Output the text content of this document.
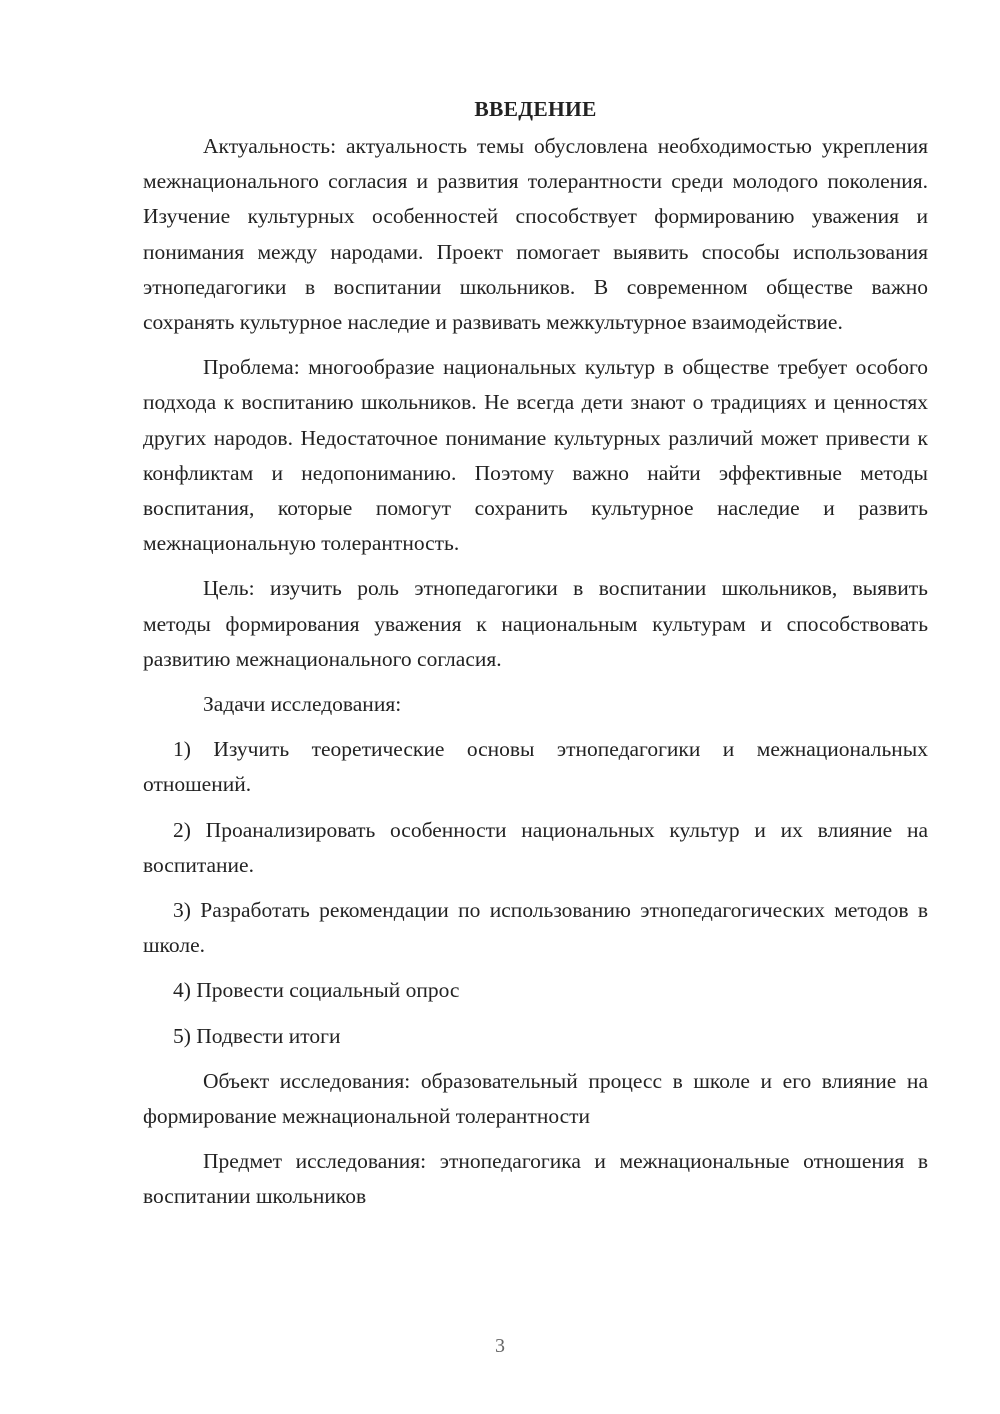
ВВЕДЕНИЕ

Актуальность: актуальность темы обусловлена необходимостью укрепления межнационального согласия и развития толерантности среди молодого поколения. Изучение культурных особенностей способствует формированию уважения и понимания между народами. Проект помогает выявить способы использования этнопедагогики в воспитании школьников. В современном обществе важно сохранять культурное наследие и развивать межкультурное взаимодействие.

Проблема: многообразие национальных культур в обществе требует особого подхода к воспитанию школьников. Не всегда дети знают о традициях и ценностях других народов. Недостаточное понимание культурных различий может привести к конфликтам и недопониманию. Поэтому важно найти эффективные методы воспитания, которые помогут сохранить культурное наследие и развить межнациональную толерантность.

Цель: изучить роль этнопедагогики в воспитании школьников, выявить методы формирования уважения к национальным культурам и способствовать развитию межнационального согласия.

Задачи исследования:

1) Изучить теоретические основы этнопедагогики и межнациональных отношений.

2) Проанализировать особенности национальных культур и их влияние на воспитание.

3) Разработать рекомендации по использованию этнопедагогических методов в школе.

4) Провести социальный опрос

5) Подвести итоги

Объект исследования: образовательный процесс в школе и его влияние на формирование межнациональной толерантности

Предмет исследования: этнопедагогика и межнациональные отношения в воспитании школьников

3
